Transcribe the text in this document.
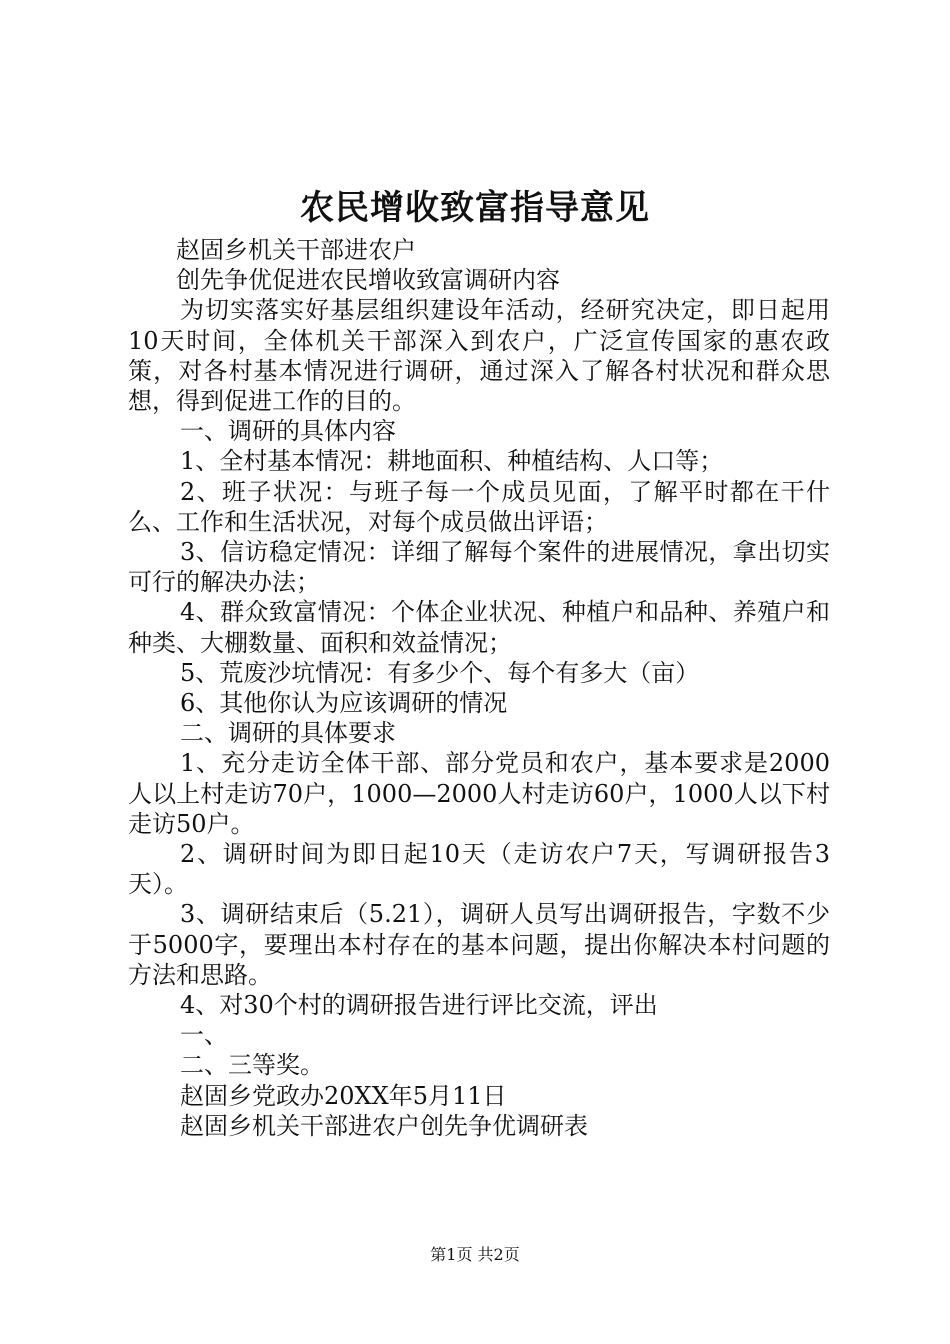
农民增收致富指导意见

赵固乡机关干部进农户

创先争优促进农民增收致富调研内容

为切实落实好基层组织建设年活动，经研究决定，即日起用10天时间，全体机关干部深入到农户，广泛宣传国家的惠农政策，对各村基本情况进行调研，通过深入了解各村状况和群众思想，得到促进工作的目的。

一、调研的具体内容

1、全村基本情况：耕地面积、种植结构、人口等；

2、班子状况：与班子每一个成员见面，了解平时都在干什么、工作和生活状况，对每个成员做出评语；

3、信访稳定情况：详细了解每个案件的进展情况，拿出切实可行的解决办法；

4、群众致富情况：个体企业状况、种植户和品种、养殖户和种类、大棚数量、面积和效益情况；

5、荒废沙坑情况：有多少个、每个有多大（亩）

6、其他你认为应该调研的情况

二、调研的具体要求

1、充分走访全体干部、部分党员和农户，基本要求是2000人以上村走访70户，1000—2000人村走访60户，1000人以下村走访50户。

2、调研时间为即日起10天（走访农户7天，写调研报告3天）。

3、调研结束后（5.21），调研人员写出调研报告，字数不少于5000字，要理出本村存在的基本问题，提出你解决本村问题的方法和思路。

4、对30个村的调研报告进行评比交流，评出

一、

二、三等奖。

赵固乡党政办20XX年5月11日

赵固乡机关干部进农户创先争优调研表

第1页 共2页
